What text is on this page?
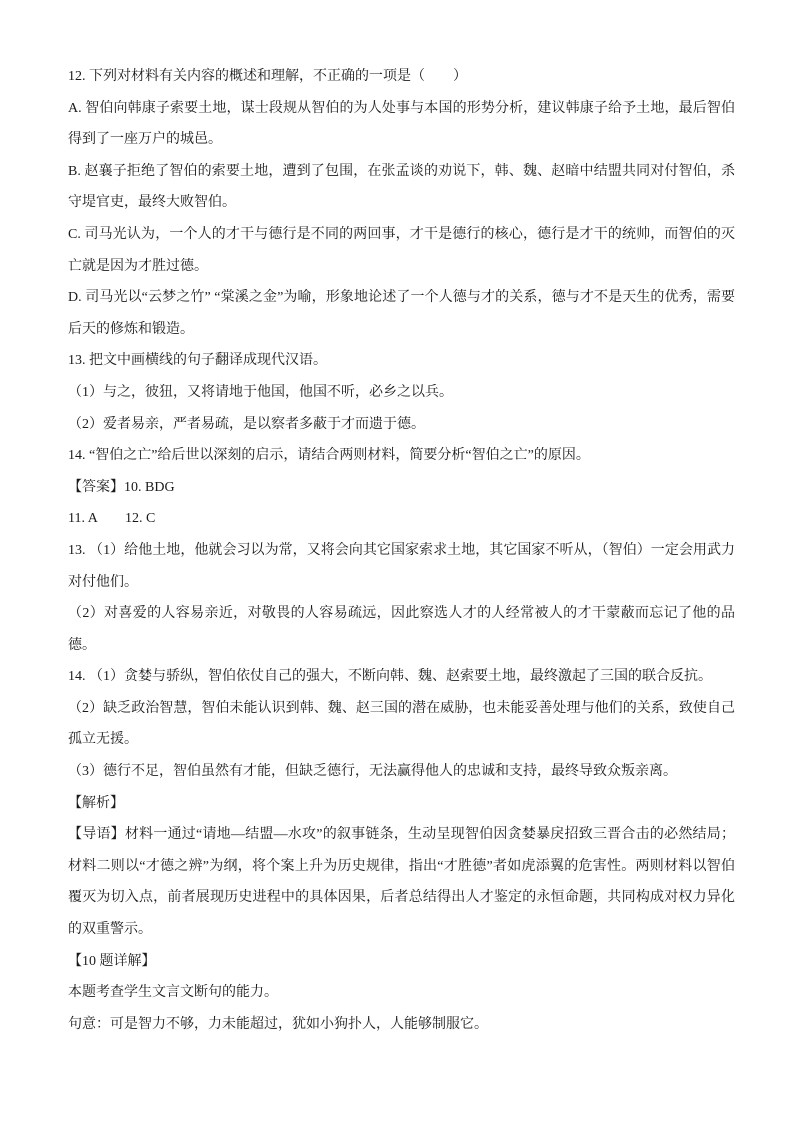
12. 下列对材料有关内容的概述和理解，不正确的一项是（　　）

A. 智伯向韩康子索要土地，谋士段规从智伯的为人处事与本国的形势分析，建议韩康子给予土地，最后智伯得到了一座万户的城邑。

B. 赵襄子拒绝了智伯的索要土地，遭到了包围，在张孟谈的劝说下，韩、魏、赵暗中结盟共同对付智伯，杀守堤官吏，最终大败智伯。

C. 司马光认为，一个人的才干与德行是不同的两回事，才干是德行的核心，德行是才干的统帅，而智伯的灭亡就是因为才胜过德。

D. 司马光以“云梦之竹” “棠溪之金”为喻，形象地论述了一个人德与才的关系，德与才不是天生的优秀，需要后天的修炼和锻造。

13. 把文中画横线的句子翻译成现代汉语。

（1）与之，彼狃，又将请地于他国，他国不听，必乡之以兵。

（2）爱者易亲，严者易疏，是以察者多蔽于才而遗于德。

14. “智伯之亡”给后世以深刻的启示，请结合两则材料，简要分析“智伯之亡”的原因。

【答案】10. BDG

11. A　　12. C

13. （1）给他土地，他就会习以为常，又将会向其它国家索求土地，其它国家不听从，（智伯）一定会用武力对付他们。

（2）对喜爱的人容易亲近，对敬畏的人容易疏远，因此察选人才的人经常被人的才干蒙蔽而忘记了他的品德。

14. （1）贪婪与骄纵，智伯依仗自己的强大，不断向韩、魏、赵索要土地，最终激起了三国的联合反抗。

（2）缺乏政治智慧，智伯未能认识到韩、魏、赵三国的潜在威胁，也未能妥善处理与他们的关系，致使自己孤立无援。

（3）德行不足，智伯虽然有才能，但缺乏德行，无法赢得他人的忠诚和支持，最终导致众叛亲离。

【解析】

【导语】材料一通过“请地—结盟—水攻”的叙事链条，生动呈现智伯因贪婪暴戾招致三晋合击的必然结局；材料二则以“才德之辨”为纲，将个案上升为历史规律，指出“才胜德”者如虎添翼的危害性。两则材料以智伯覆灭为切入点，前者展现历史进程中的具体因果，后者总结得出人才鉴定的永恒命题，共同构成对权力异化的双重警示。

【10 题详解】

本题考查学生文言文断句的能力。

句意：可是智力不够，力未能超过，犹如小狗扑人，人能够制服它。
